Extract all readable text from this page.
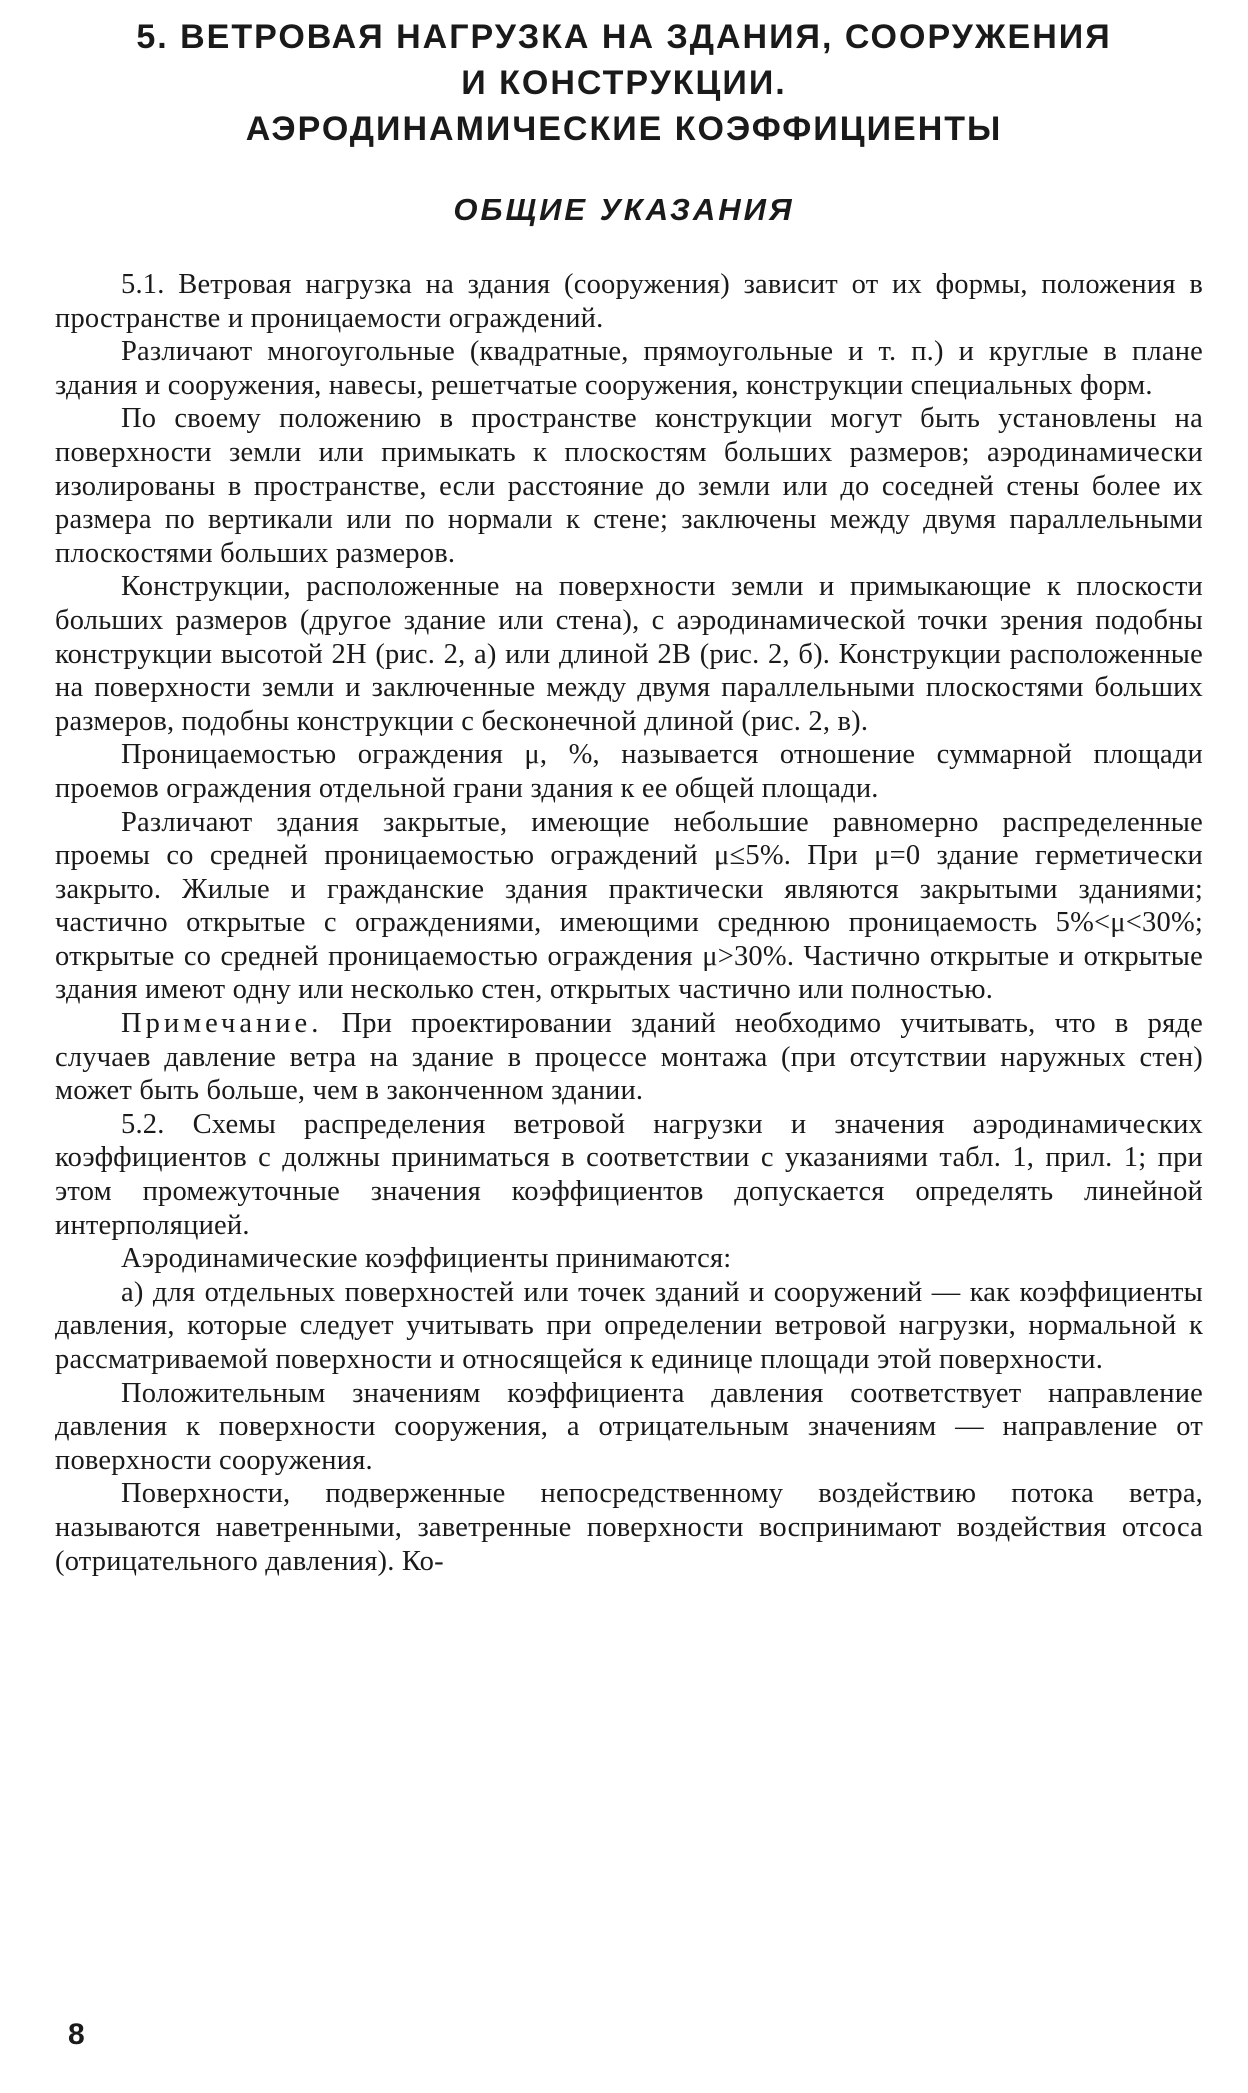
5. ВЕТРОВАЯ НАГРУЗКА НА ЗДАНИЯ, СООРУЖЕНИЯ
И КОНСТРУКЦИИ.
АЭРОДИНАМИЧЕСКИЕ КОЭФФИЦИЕНТЫ
ОБЩИЕ УКАЗАНИЯ

5.1. Ветровая нагрузка на здания (сооружения) зависит от их формы, положения в пространстве и проницаемости ограждений.

Различают многоугольные (квадратные, прямоугольные и т. п.) и круглые в плане здания и сооружения, навесы, решетчатые сооружения, конструкции специальных форм.

По своему положению в пространстве конструкции могут быть установлены на поверхности земли или примыкать к плоскостям больших размеров; аэродинамически изолированы в пространстве, если расстояние до земли или до соседней стены более их размера по вертикали или по нормали к стене; заключены между двумя параллельными плоскостями больших размеров.

Конструкции, расположенные на поверхности земли и примыкающие к плоскости больших размеров (другое здание или стена), с аэродинамической точки зрения подобны конструкции высотой 2H (рис. 2, а) или длиной 2B (рис. 2, б). Конструкции расположенные на поверхности земли и заключенные между двумя параллельными плоскостями больших размеров, подобны конструкции с бесконечной длиной (рис. 2, в).

Проницаемостью ограждения μ, %, называется отношение суммарной площади проемов ограждения отдельной грани здания к ее общей площади.

Различают здания закрытые, имеющие небольшие равномерно распределенные проемы со средней проницаемостью ограждений μ≤5%. При μ=0 здание герметически закрыто. Жилые и гражданские здания практически являются закрытыми зданиями; частично открытые с ограждениями, имеющими среднюю проницаемость 5%<μ<30%; открытые со средней проницаемостью ограждения μ>30%. Частично открытые и открытые здания имеют одну или несколько стен, открытых частично или полностью.

Примечание. При проектировании зданий необходимо учитывать, что в ряде случаев давление ветра на здание в процессе монтажа (при отсутствии наружных стен) может быть больше, чем в законченном здании.

5.2. Схемы распределения ветровой нагрузки и значения аэродинамических коэффициентов c должны приниматься в соответствии с указаниями табл. 1, прил. 1; при этом промежуточные значения коэффициентов допускается определять линейной интерполяцией.

Аэродинамические коэффициенты принимаются:

а) для отдельных поверхностей или точек зданий и сооружений — как коэффициенты давления, которые следует учитывать при определении ветровой нагрузки, нормальной к рассматриваемой поверхности и относящейся к единице площади этой поверхности.

Положительным значениям коэффициента давления соответствует направление давления к поверхности сооружения, а отрицательным значениям — направление от поверхности сооружения.

Поверхности, подверженные непосредственному воздействию потока ветра, называются наветренными, заветренные поверхности воспринимают воздействия отсоса (отрицательного давления). Ко-

8
